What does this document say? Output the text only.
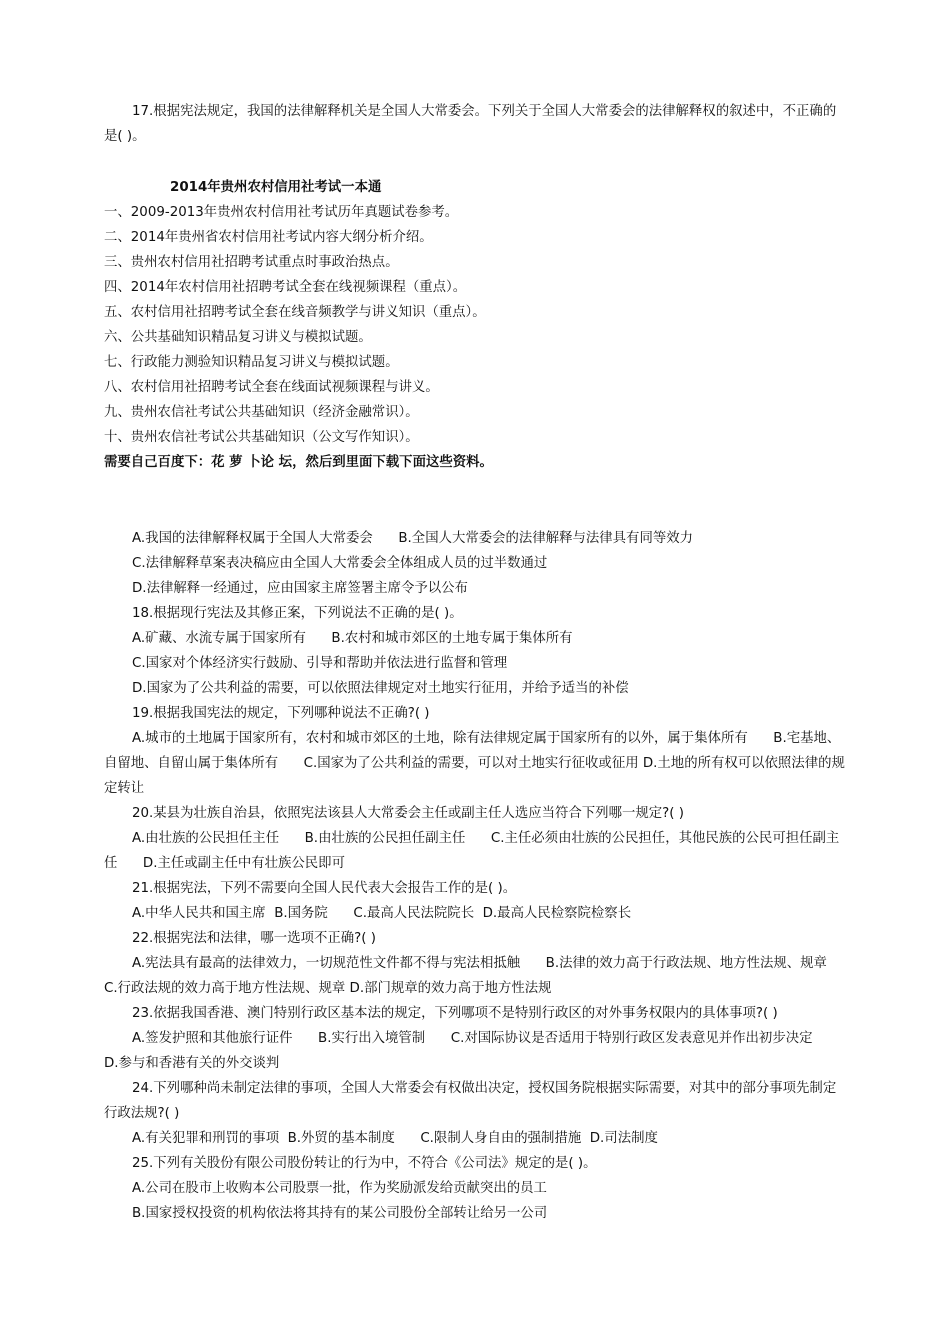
17.根据宪法规定，我国的法律解释机关是全国人大常委会。下列关于全国人大常委会的法律解释权的叙述中，不正确的是( )。

2014年贵州农村信用社考试一本通

一、2009-2013年贵州农村信用社考试历年真题试卷参考。

二、2014年贵州省农村信用社考试内容大纲分析介绍。

三、贵州农村信用社招聘考试重点时事政治热点。

四、2014年农村信用社招聘考试全套在线视频课程（重点）。

五、农村信用社招聘考试全套在线音频教学与讲义知识（重点）。

六、公共基础知识精品复习讲义与模拟试题。

七、行政能力测验知识精品复习讲义与模拟试题。

八、农村信用社招聘考试全套在线面试视频课程与讲义。

九、贵州农信社考试公共基础知识（经济金融常识）。

十、贵州农信社考试公共基础知识（公文写作知识）。

需要自己百度下：花 萝 卜论 坛，然后到里面下载下面这些资料。

A.我国的法律解释权属于全国人大常委会      B.全国人大常委会的法律解释与法律具有同等效力

C.法律解释草案表决稿应由全国人大常委会全体组成人员的过半数通过

D.法律解释一经通过，应由国家主席签署主席令予以公布

18.根据现行宪法及其修正案，下列说法不正确的是( )。

A.矿藏、水流专属于国家所有      B.农村和城市郊区的土地专属于集体所有

C.国家对个体经济实行鼓励、引导和帮助并依法进行监督和管理

D.国家为了公共利益的需要，可以依照法律规定对土地实行征用，并给予适当的补偿

19.根据我国宪法的规定，下列哪种说法不正确?( )

A.城市的土地属于国家所有，农村和城市郊区的土地，除有法律规定属于国家所有的以外，属于集体所有      B.宅基地、自留地、自留山属于集体所有      C.国家为了公共利益的需要，可以对土地实行征收或征用 D.土地的所有权可以依照法律的规定转让

20.某县为壮族自治县，依照宪法该县人大常委会主任或副主任人选应当符合下列哪一规定?( )

A.由壮族的公民担任主任      B.由壮族的公民担任副主任      C.主任必须由壮族的公民担任，其他民族的公民可担任副主任      D.主任或副主任中有壮族公民即可

21.根据宪法，下列不需要向全国人民代表大会报告工作的是( )。

A.中华人民共和国主席  B.国务院      C.最高人民法院院长  D.最高人民检察院检察长

22.根据宪法和法律，哪一选项不正确?( )

A.宪法具有最高的法律效力，一切规范性文件都不得与宪法相抵触      B.法律的效力高于行政法规、地方性法规、规章   C.行政法规的效力高于地方性法规、规章 D.部门规章的效力高于地方性法规

23.依据我国香港、澳门特别行政区基本法的规定，下列哪项不是特别行政区的对外事务权限内的具体事项?( )

A.签发护照和其他旅行证件      B.实行出入境管制      C.对国际协议是否适用于特别行政区发表意见并作出初步决定      D.参与和香港有关的外交谈判

24.下列哪种尚未制定法律的事项，全国人大常委会有权做出决定，授权国务院根据实际需要，对其中的部分事项先制定行政法规?( )

A.有关犯罪和刑罚的事项  B.外贸的基本制度      C.限制人身自由的强制措施  D.司法制度

25.下列有关股份有限公司股份转让的行为中，不符合《公司法》规定的是( )。

A.公司在股市上收购本公司股票一批，作为奖励派发给贡献突出的员工

B.国家授权投资的机构依法将其持有的某公司股份全部转让给另一公司
